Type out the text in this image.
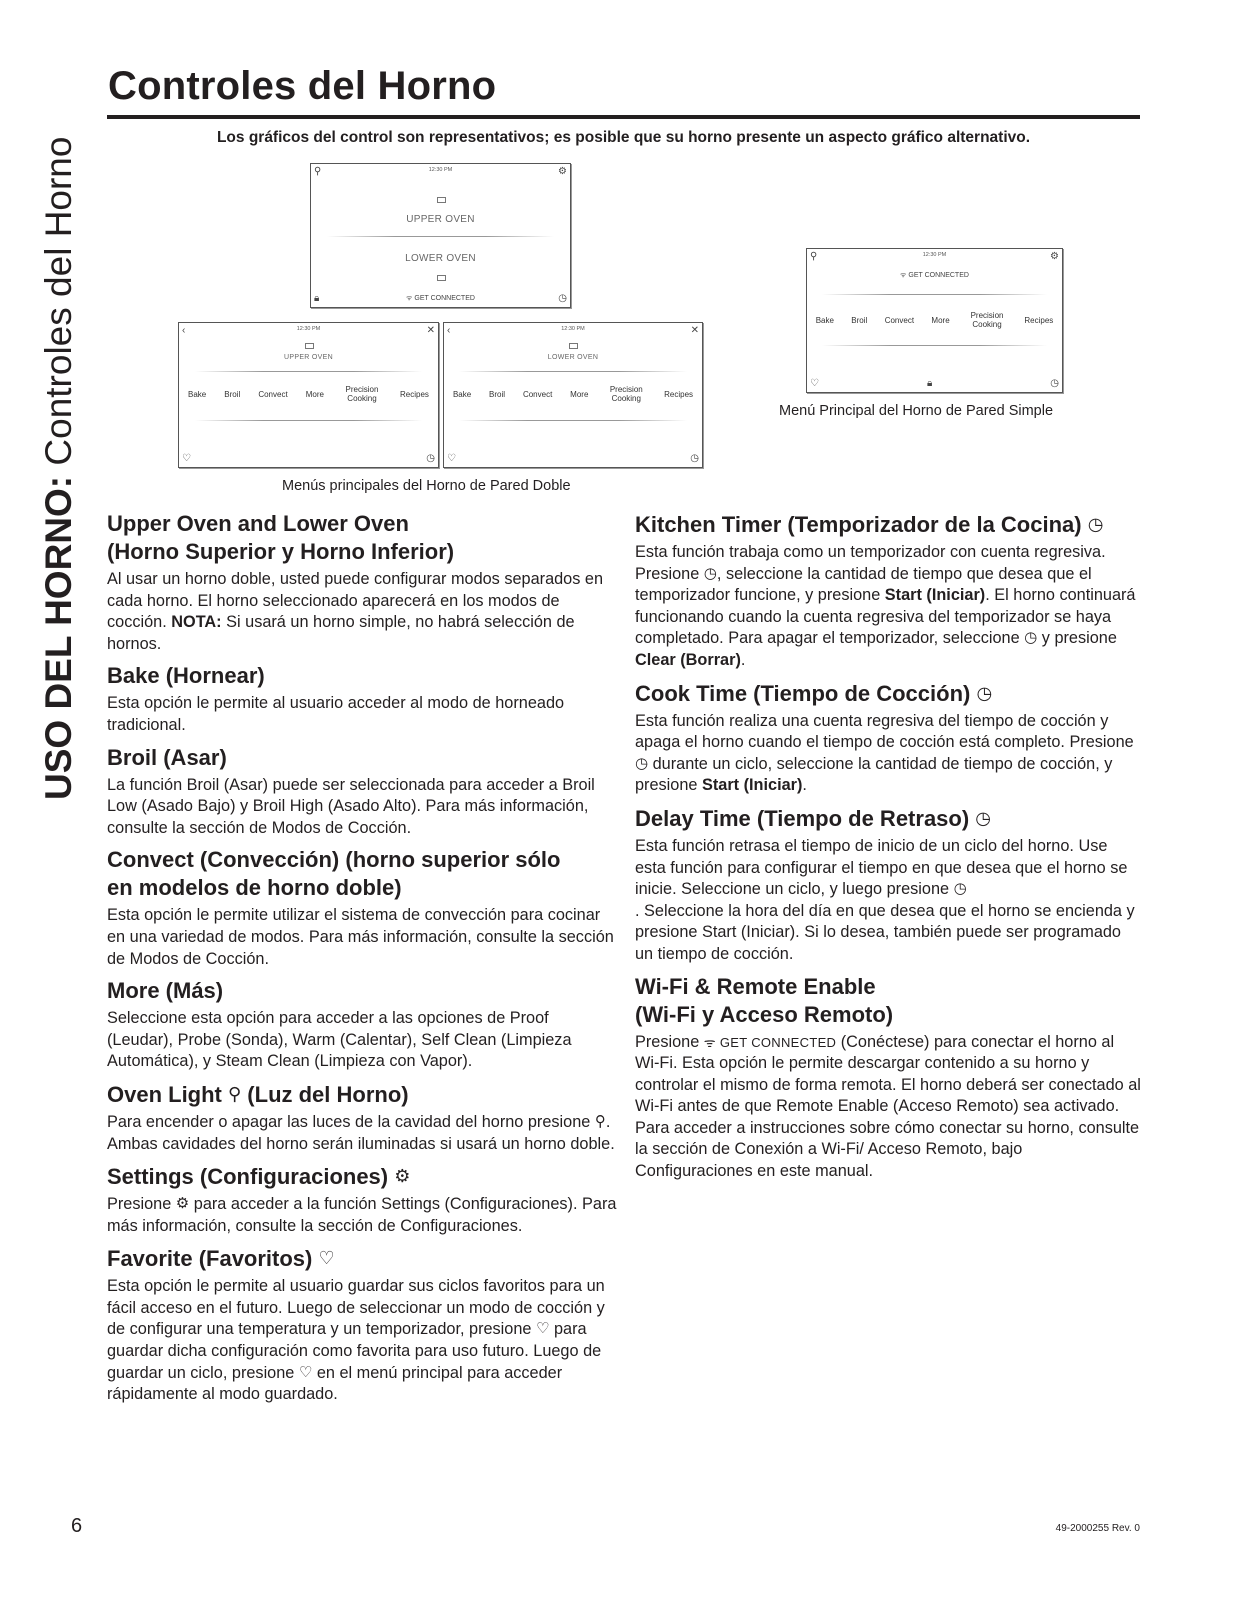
USO DEL HORNO: Controles del Horno
Controles del Horno
Los gráficos del control son representativos; es posible que su horno presente un aspecto gráfico alternativo.
⚲	12:30 PM	⚙
UPPER OVEN
LOWER OVEN
🔒︎	ᯤ GET CONNECTED	◷
‹	12:30 PM	✕
UPPER OVEN
Bake Broil Convect More	Precision Cooking	Recipes
♡	◷
‹	12:30 PM	✕
LOWER OVEN
Bake Broil Convect More	Precision Cooking	Recipes
♡	◷
Menús principales del Horno de Pared Doble
⚲	12:30 PM	⚙
ᯤ GET CONNECTED
Bake Broil Convect More	Precision Cooking	Recipes
♡	🔒︎	◷
Menú Principal del Horno de Pared Simple
Upper Oven and Lower Oven
(Horno Superior y Horno Inferior)

Al usar un horno doble, usted puede configurar modos separados en cada horno. El horno seleccionado aparecerá en los modos de cocción. NOTA: Si usará un horno simple, no habrá selección de hornos.

Bake (Hornear)

Esta opción le permite al usuario acceder al modo de horneado tradicional.

Broil (Asar)

La función Broil (Asar) puede ser seleccionada para acceder a Broil Low (Asado Bajo) y Broil High (Asado Alto). Para más información, consulte la sección de Modos de Cocción.

Convect (Convección) (horno superior sólo
en modelos de horno doble)

Esta opción le permite utilizar el sistema de convección para cocinar en una variedad de modos. Para más información, consulte la sección de Modos de Cocción.

More (Más)

Seleccione esta opción para acceder a las opciones de Proof (Leudar), Probe (Sonda), Warm (Calentar), Self Clean (Limpieza Automática), y Steam Clean (Limpieza con Vapor).

Oven Light ⚲ (Luz del Horno)

Para encender o apagar las luces de la cavidad del horno presione ⚲. Ambas cavidades del horno serán iluminadas si usará un horno doble.

Settings (Configuraciones) ⚙

Presione ⚙ para acceder a la función Settings (Configuraciones). Para más información, consulte la sección de Configuraciones.

Favorite (Favoritos) ♡

Esta opción le permite al usuario guardar sus ciclos favoritos para un fácil acceso en el futuro. Luego de seleccionar un modo de cocción y de configurar una temperatura y un temporizador, presione ♡ para guardar dicha configuración como favorita para uso futuro. Luego de guardar un ciclo, presione ♡ en el menú principal para acceder rápidamente al modo guardado.

Kitchen Timer (Temporizador de la Cocina) ◷

Esta función trabaja como un temporizador con cuenta regresiva. Presione ◷, seleccione la cantidad de tiempo que desea que el temporizador funcione, y presione Start (Iniciar). El horno continuará funcionando cuando la cuenta regresiva del temporizador se haya completado. Para apagar el temporizador, seleccione ◷ y presione Clear (Borrar).

Cook Time (Tiempo de Cocción) ◷

Esta función realiza una cuenta regresiva del tiempo de cocción y apaga el horno cuando el tiempo de cocción está completo. Presione ◷ durante un ciclo, seleccione la cantidad de tiempo de cocción, y presione Start (Iniciar).

Delay Time (Tiempo de Retraso) ◷

Esta función retrasa el tiempo de inicio de un ciclo del horno. Use esta función para configurar el tiempo en que desea que el horno se inicie. Seleccione un ciclo, y luego presione ◷
. Seleccione la hora del día en que desea que el horno se encienda y presione Start (Iniciar). Si lo desea, también puede ser programado un tiempo de cocción.

Wi-Fi & Remote Enable
(Wi-Fi y Acceso Remoto)

Presione ᯤ GET CONNECTED (Conéctese) para conectar el horno al Wi-Fi. Esta opción le permite descargar contenido a su horno y controlar el mismo de forma remota. El horno deberá ser conectado al Wi-Fi antes de que Remote Enable (Acceso Remoto) sea activado. Para acceder a instrucciones sobre cómo conectar su horno, consulte la sección de Conexión a Wi-Fi/ Acceso Remoto, bajo Configuraciones en este manual.

6	49-2000255 Rev. 0
